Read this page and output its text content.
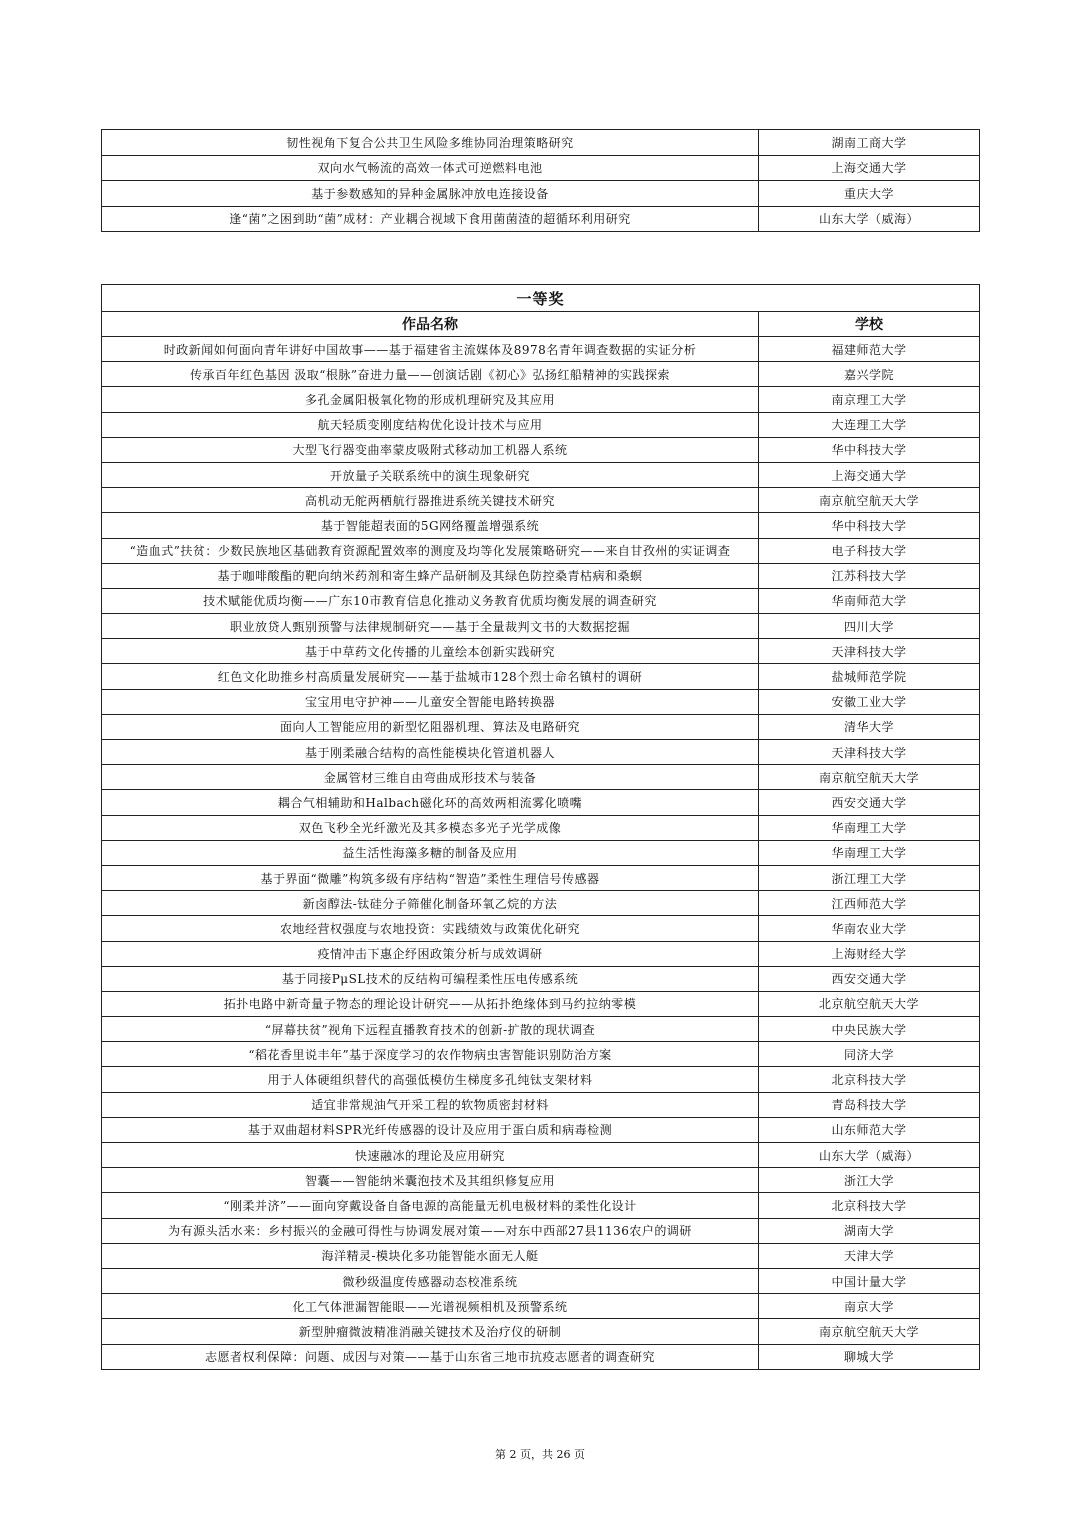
韧性视角下复合公共卫生风险多维协同治理策略研究	湖南工商大学
双向水气畅流的高效一体式可逆燃料电池	上海交通大学
基于参数感知的异种金属脉冲放电连接设备	重庆大学
逢“菌”之困到助“菌”成材：产业耦合视域下食用菌菌渣的超循环利用研究	山东大学（威海）
一等奖	
作品名称	学校
时政新闻如何面向青年讲好中国故事——基于福建省主流媒体及8978名青年调查数据的实证分析	福建师范大学
传承百年红色基因 汲取“根脉”奋进力量——创演话剧《初心》弘扬红船精神的实践探索	嘉兴学院
多孔金属阳极氧化物的形成机理研究及其应用	南京理工大学
航天轻质变刚度结构优化设计技术与应用	大连理工大学
大型飞行器变曲率蒙皮吸附式移动加工机器人系统	华中科技大学
开放量子关联系统中的演生现象研究	上海交通大学
高机动无舵两栖航行器推进系统关键技术研究	南京航空航天大学
基于智能超表面的5G网络覆盖增强系统	华中科技大学
“造血式”扶贫：少数民族地区基础教育资源配置效率的测度及均等化发展策略研究——来自甘孜州的实证调查	电子科技大学
基于咖啡酸酯的靶向纳米药剂和寄生蜂产品研制及其绿色防控桑青枯病和桑螟	江苏科技大学
技术赋能优质均衡——广东10市教育信息化推动义务教育优质均衡发展的调查研究	华南师范大学
职业放贷人甄别预警与法律规制研究——基于全量裁判文书的大数据挖掘	四川大学
基于中草药文化传播的儿童绘本创新实践研究	天津科技大学
红色文化助推乡村高质量发展研究——基于盐城市128个烈士命名镇村的调研	盐城师范学院
宝宝用电守护神——儿童安全智能电路转换器	安徽工业大学
面向人工智能应用的新型忆阻器机理、算法及电路研究	清华大学
基于刚柔融合结构的高性能模块化管道机器人	天津科技大学
金属管材三维自由弯曲成形技术与装备	南京航空航天大学
耦合气相辅助和Halbach磁化环的高效两相流雾化喷嘴	西安交通大学
双色飞秒全光纤激光及其多模态多光子光学成像	华南理工大学
益生活性海藻多糖的制备及应用	华南理工大学
基于界面“微雕”构筑多级有序结构“智造”柔性生理信号传感器	浙江理工大学
新卤醇法-钛硅分子筛催化制备环氧乙烷的方法	江西师范大学
农地经营权强度与农地投资：实践绩效与政策优化研究	华南农业大学
疫情冲击下惠企纾困政策分析与成效调研	上海财经大学
基于同接PμSL技术的反结构可编程柔性压电传感系统	西安交通大学
拓扑电路中新奇量子物态的理论设计研究——从拓扑绝缘体到马约拉纳零模	北京航空航天大学
“屏幕扶贫”视角下远程直播教育技术的创新-扩散的现状调查	中央民族大学
“稻花香里说丰年”基于深度学习的农作物病虫害智能识别防治方案	同济大学
用于人体硬组织替代的高强低模仿生梯度多孔纯钛支架材料	北京科技大学
适宜非常规油气开采工程的软物质密封材料	青岛科技大学
基于双曲超材料SPR光纤传感器的设计及应用于蛋白质和病毒检测	山东师范大学
快速融冰的理论及应用研究	山东大学（威海）
智囊——智能纳米囊泡技术及其组织修复应用	浙江大学
“刚柔并济”——面向穿戴设备自备电源的高能量无机电极材料的柔性化设计	北京科技大学
为有源头活水来：乡村振兴的金融可得性与协调发展对策——对东中西部27县1136农户的调研	湖南大学
海洋精灵-模块化多功能智能水面无人艇	天津大学
微秒级温度传感器动态校准系统	中国计量大学
化工气体泄漏智能眼——光谱视频相机及预警系统	南京大学
新型肿瘤微波精准消融关键技术及治疗仪的研制	南京航空航天大学
志愿者权利保障：问题、成因与对策——基于山东省三地市抗疫志愿者的调查研究	聊城大学
第 2 页，共 26 页
